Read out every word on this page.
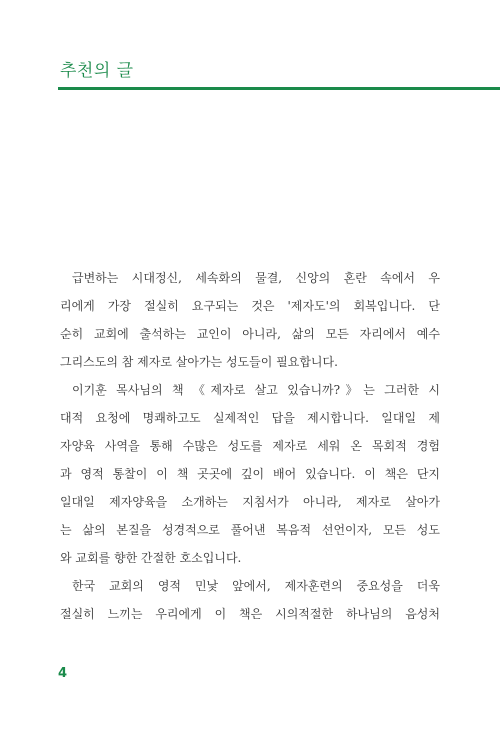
추천의 글
급변하는 시대정신, 세속화의 물결, 신앙의 혼란 속에서 우
리에게 가장 절실히 요구되는 것은 '제자도'의 회복입니다. 단
순히 교회에 출석하는 교인이 아니라, 삶의 모든 자리에서 예수
그리스도의 참 제자로 살아가는 성도들이 필요합니다.
이기훈 목사님의 책 《제자로 살고 있습니까?》는 그러한 시
대적 요청에 명쾌하고도 실제적인 답을 제시합니다. 일대일 제
자양육 사역을 통해 수많은 성도를 제자로 세워 온 목회적 경험
과 영적 통찰이 이 책 곳곳에 깊이 배어 있습니다. 이 책은 단지
일대일 제자양육을 소개하는 지침서가 아니라, 제자로 살아가
는 삶의 본질을 성경적으로 풀어낸 복음적 선언이자, 모든 성도
와 교회를 향한 간절한 호소입니다.
한국 교회의 영적 민낯 앞에서, 제자훈련의 중요성을 더욱
절실히 느끼는 우리에게 이 책은 시의적절한 하나님의 음성처
4
